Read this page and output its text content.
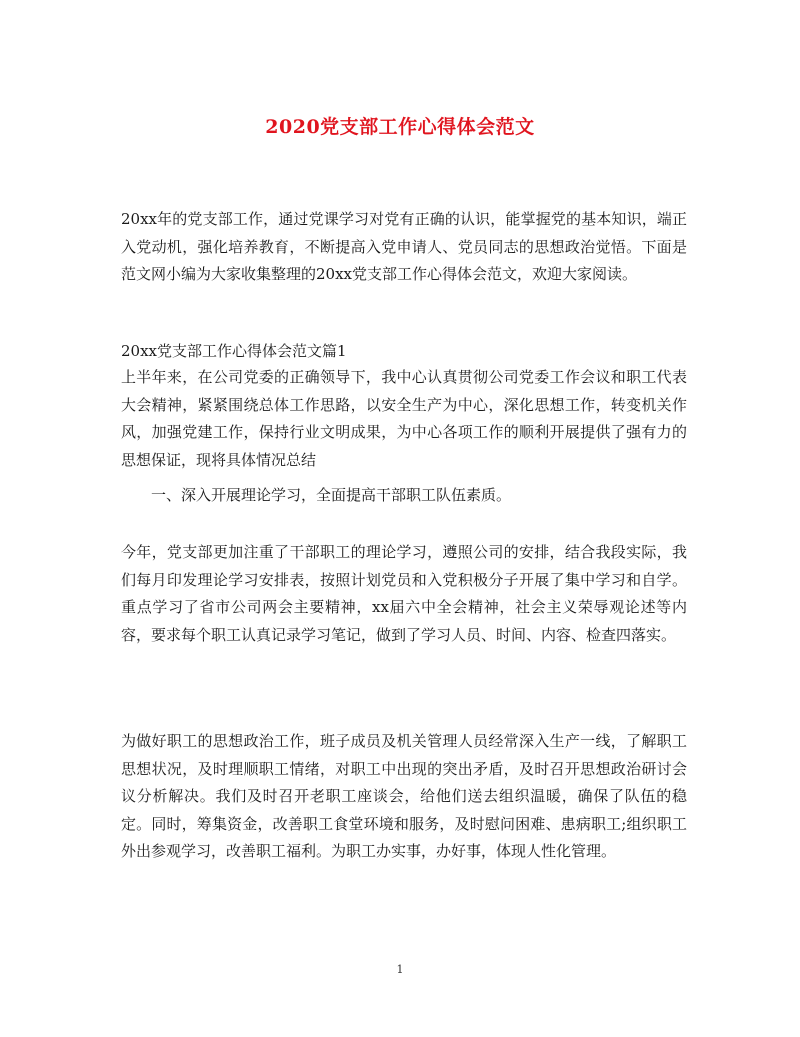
2020党支部工作心得体会范文
20xx年的党支部工作，通过党课学习对党有正确的认识，能掌握党的基本知识，端正入党动机，强化培养教育，不断提高入党申请人、党员同志的思想政治觉悟。下面是范文网小编为大家收集整理的20xx党支部工作心得体会范文，欢迎大家阅读。
20xx党支部工作心得体会范文篇1
上半年来，在公司党委的正确领导下，我中心认真贯彻公司党委工作会议和职工代表大会精神，紧紧围绕总体工作思路，以安全生产为中心，深化思想工作，转变机关作风，加强党建工作，保持行业文明成果，为中心各项工作的顺利开展提供了强有力的思想保证，现将具体情况总结
一、深入开展理论学习，全面提高干部职工队伍素质。
今年，党支部更加注重了干部职工的理论学习，遵照公司的安排，结合我段实际，我们每月印发理论学习安排表，按照计划党员和入党积极分子开展了集中学习和自学。重点学习了省市公司两会主要精神，xx届六中全会精神，社会主义荣辱观论述等内容，要求每个职工认真记录学习笔记，做到了学习人员、时间、内容、检查四落实。
为做好职工的思想政治工作，班子成员及机关管理人员经常深入生产一线，了解职工思想状况，及时理顺职工情绪，对职工中出现的突出矛盾，及时召开思想政治研讨会议分析解决。我们及时召开老职工座谈会，给他们送去组织温暖，确保了队伍的稳定。同时，筹集资金，改善职工食堂环境和服务，及时慰问困难、患病职工;组织职工外出参观学习，改善职工福利。为职工办实事，办好事，体现人性化管理。
1
